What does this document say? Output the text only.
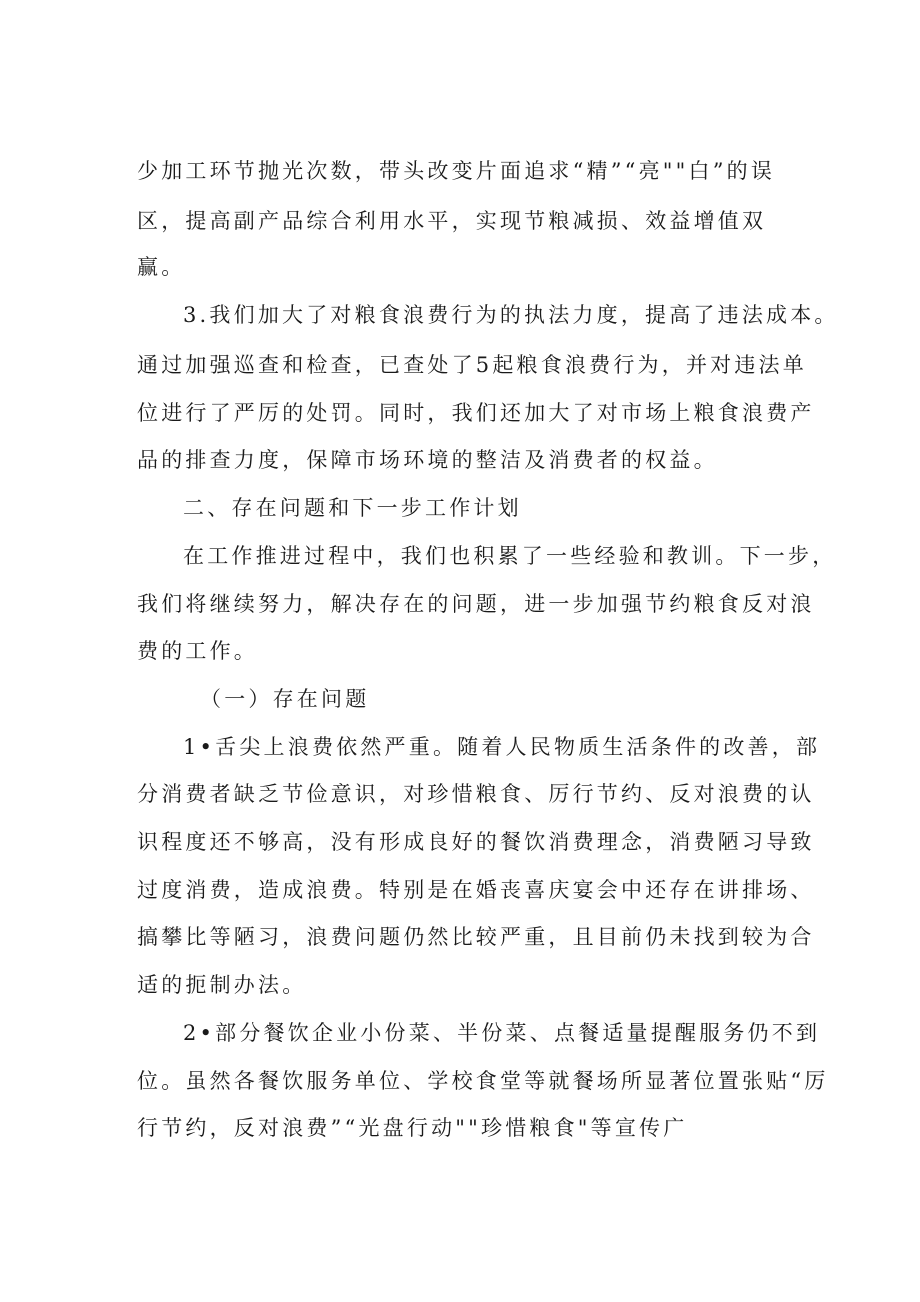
少加工环节抛光次数，带头改变片面追求“精”“亮""白”的误
区，提高副产品综合利用水平，实现节粮减损、效益增值双
赢。
3.我们加大了对粮食浪费行为的执法力度，提高了违法成本。
通过加强巡查和检查，已查处了5起粮食浪费行为，并对违法单
位进行了严厉的处罚。同时，我们还加大了对市场上粮食浪费产
品的排查力度，保障市场环境的整洁及消费者的权益。
二、存在问题和下一步工作计划
在工作推进过程中，我们也积累了一些经验和教训。下一步，
我们将继续努力，解决存在的问题，进一步加强节约粮食反对浪
费的工作。
（一）存在问题
1•舌尖上浪费依然严重。随着人民物质生活条件的改善，部
分消费者缺乏节俭意识，对珍惜粮食、厉行节约、反对浪费的认
识程度还不够高，没有形成良好的餐饮消费理念，消费陋习导致
过度消费，造成浪费。特别是在婚丧喜庆宴会中还存在讲排场、
搞攀比等陋习，浪费问题仍然比较严重，且目前仍未找到较为合
适的扼制办法。
2•部分餐饮企业小份菜、半份菜、点餐适量提醒服务仍不到
位。虽然各餐饮服务单位、学校食堂等就餐场所显著位置张贴“厉
行节约，反对浪费”“光盘行动""珍惜粮食"等宣传广
